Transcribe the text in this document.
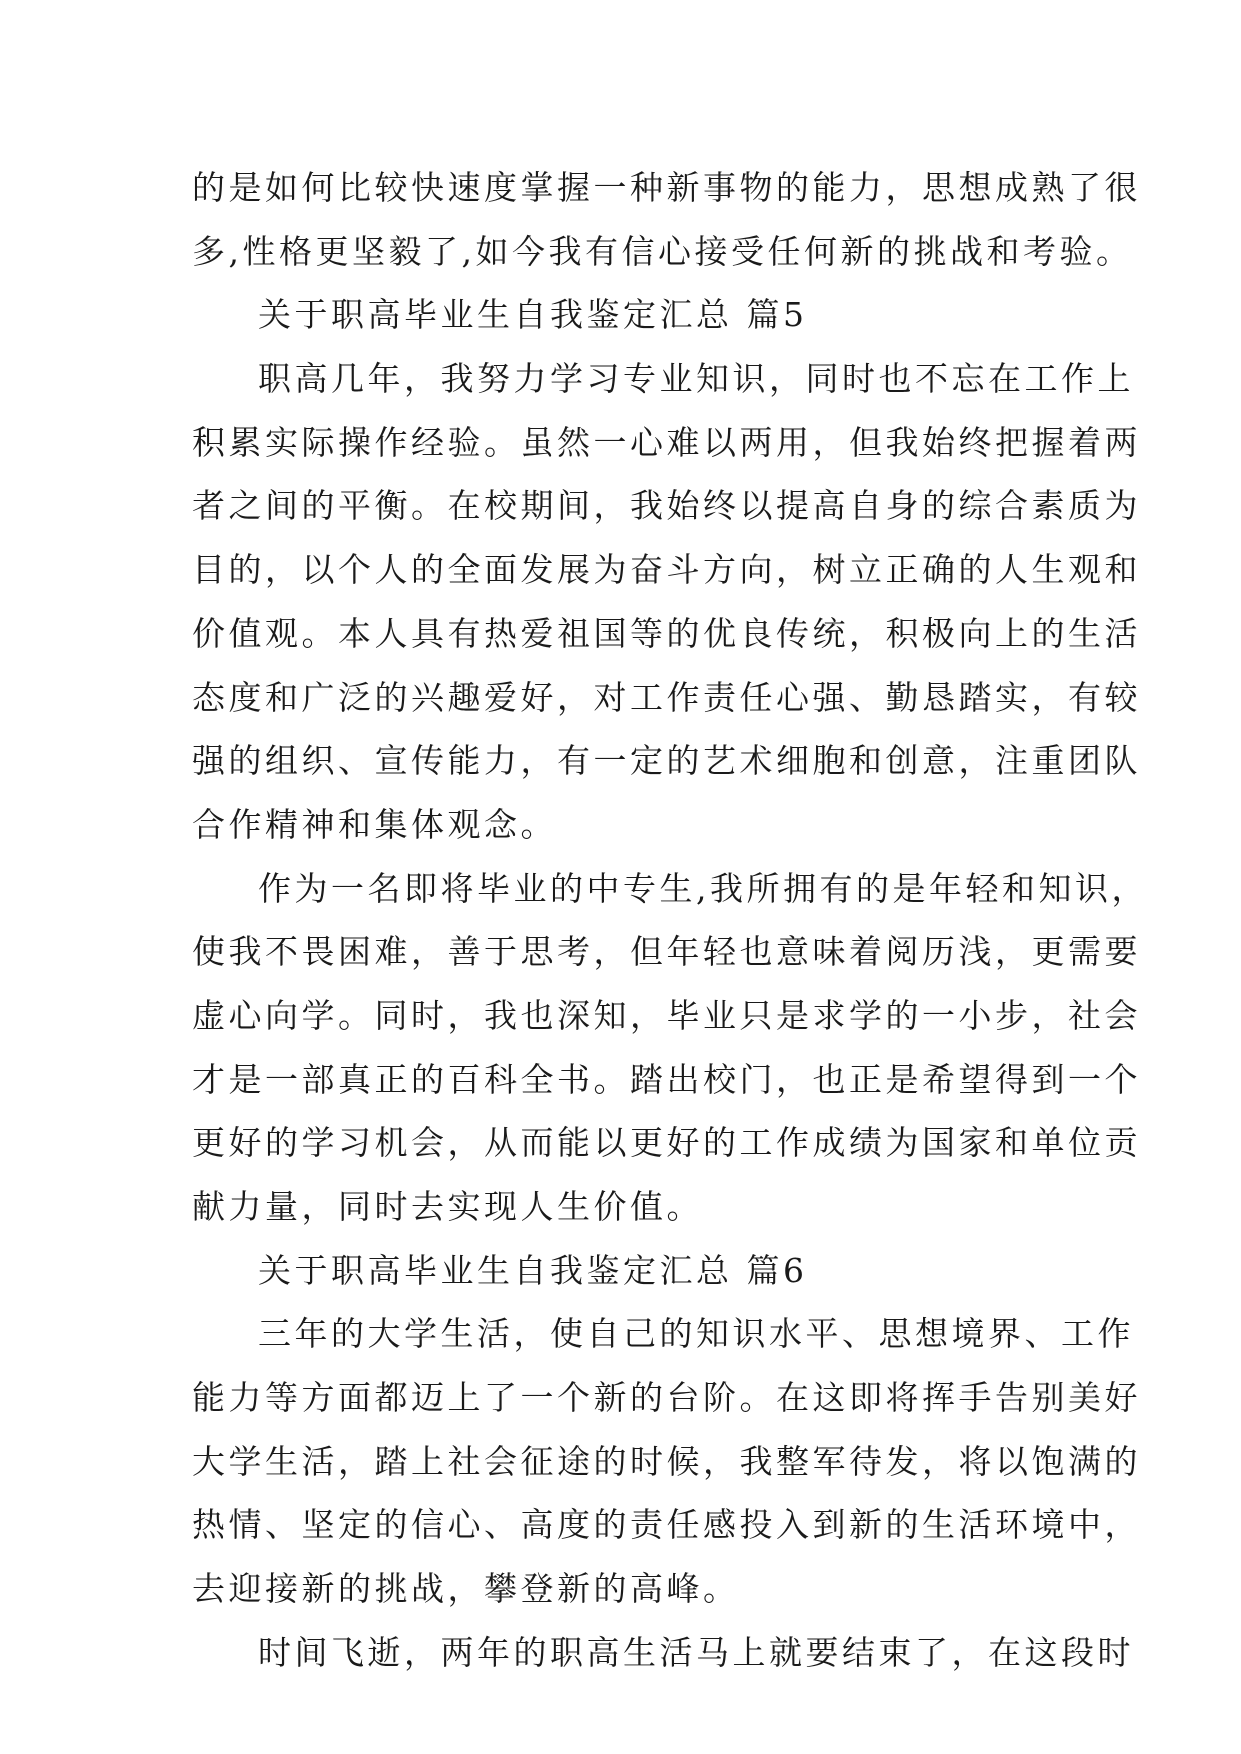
的是如何比较快速度掌握一种新事物的能力，思想成熟了很
多,性格更坚毅了,如今我有信心接受任何新的挑战和考验。
关于职高毕业生自我鉴定汇总 篇5
职高几年，我努力学习专业知识，同时也不忘在工作上
积累实际操作经验。虽然一心难以两用，但我始终把握着两
者之间的平衡。在校期间，我始终以提高自身的综合素质为
目的，以个人的全面发展为奋斗方向，树立正确的人生观和
价值观。本人具有热爱祖国等的优良传统，积极向上的生活
态度和广泛的兴趣爱好，对工作责任心强、勤恳踏实，有较
强的组织、宣传能力，有一定的艺术细胞和创意，注重团队
合作精神和集体观念。
作为一名即将毕业的中专生,我所拥有的是年轻和知识，
使我不畏困难，善于思考，但年轻也意味着阅历浅，更需要
虚心向学。同时，我也深知，毕业只是求学的一小步，社会
才是一部真正的百科全书。踏出校门，也正是希望得到一个
更好的学习机会，从而能以更好的工作成绩为国家和单位贡
献力量，同时去实现人生价值。
关于职高毕业生自我鉴定汇总 篇6
三年的大学生活，使自己的知识水平、思想境界、工作
能力等方面都迈上了一个新的台阶。在这即将挥手告别美好
大学生活，踏上社会征途的时候，我整军待发，将以饱满的
热情、坚定的信心、高度的责任感投入到新的生活环境中，
去迎接新的挑战，攀登新的高峰。
时间飞逝，两年的职高生活马上就要结束了，在这段时
